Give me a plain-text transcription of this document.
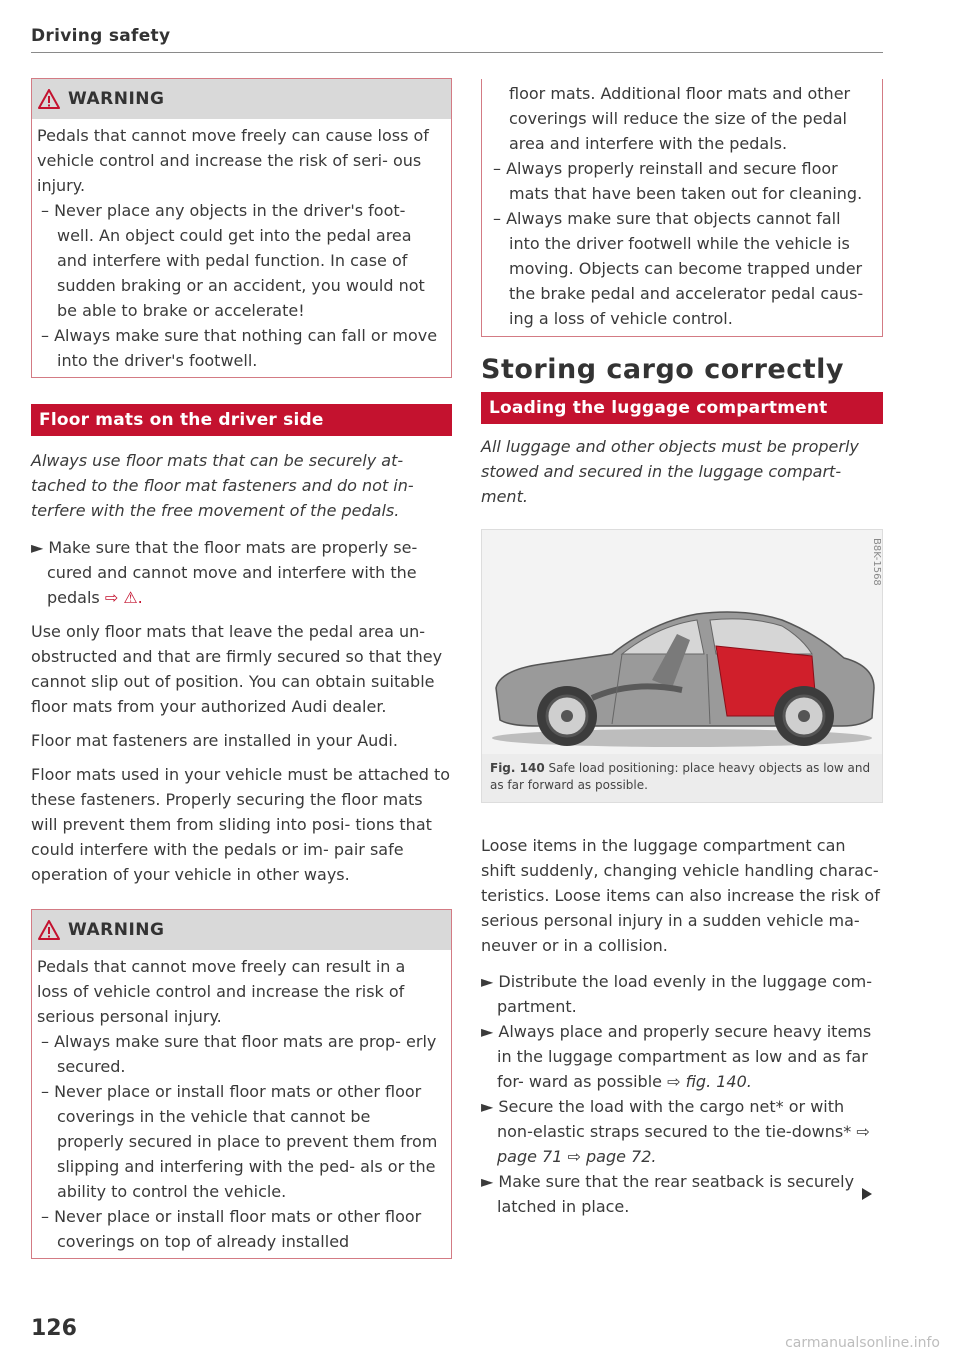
Driving safety
WARNING

Pedals that cannot move freely can cause loss of vehicle control and increase the risk of seri- ous injury.

– Never place any objects in the driver's foot- well. An object could get into the pedal area and interfere with pedal function. In case of sudden braking or an accident, you would not be able to brake or accelerate!

– Always make sure that nothing can fall or move into the driver's footwell.

Floor mats on the driver side

Always use floor mats that can be securely at- tached to the floor mat fasteners and do not in- terfere with the free movement of the pedals.

► Make sure that the floor mats are properly se- cured and cannot move and interfere with the pedals ⇨ ⚠.

Use only floor mats that leave the pedal area un- obstructed and that are firmly secured so that they cannot slip out of position. You can obtain suitable floor mats from your authorized Audi dealer.

Floor mat fasteners are installed in your Audi.

Floor mats used in your vehicle must be attached to these fasteners. Properly securing the floor mats will prevent them from sliding into posi- tions that could interfere with the pedals or im- pair safe operation of your vehicle in other ways.

WARNING

Pedals that cannot move freely can result in a loss of vehicle control and increase the risk of serious personal injury.

– Always make sure that floor mats are prop- erly secured.

– Never place or install floor mats or other floor coverings in the vehicle that cannot be properly secured in place to prevent them from slipping and interfering with the ped- als or the ability to control the vehicle.

– Never place or install floor mats or other floor coverings on top of already installed

floor mats. Additional floor mats and other coverings will reduce the size of the pedal area and interfere with the pedals.

– Always properly reinstall and secure floor mats that have been taken out for cleaning.

– Always make sure that objects cannot fall into the driver footwell while the vehicle is moving. Objects can become trapped under the brake pedal and accelerator pedal caus- ing a loss of vehicle control.

Storing cargo correctly
Loading the luggage compartment

All luggage and other objects must be properly stowed and secured in the luggage compart- ment.

B8K-1568
Fig. 140 Safe load positioning: place heavy objects as low and as far forward as possible.

Loose items in the luggage compartment can shift suddenly, changing vehicle handling charac- teristics. Loose items can also increase the risk of serious personal injury in a sudden vehicle ma- neuver or in a collision.

► Distribute the load evenly in the luggage com- partment.

► Always place and properly secure heavy items in the luggage compartment as low and as far for- ward as possible ⇨ fig. 140.

► Secure the load with the cargo net* or with non-elastic straps secured to the tie-downs* ⇨ page 71 ⇨ page 72.

► Make sure that the rear seatback is securely latched in place.

126
carmanualsonline.info
